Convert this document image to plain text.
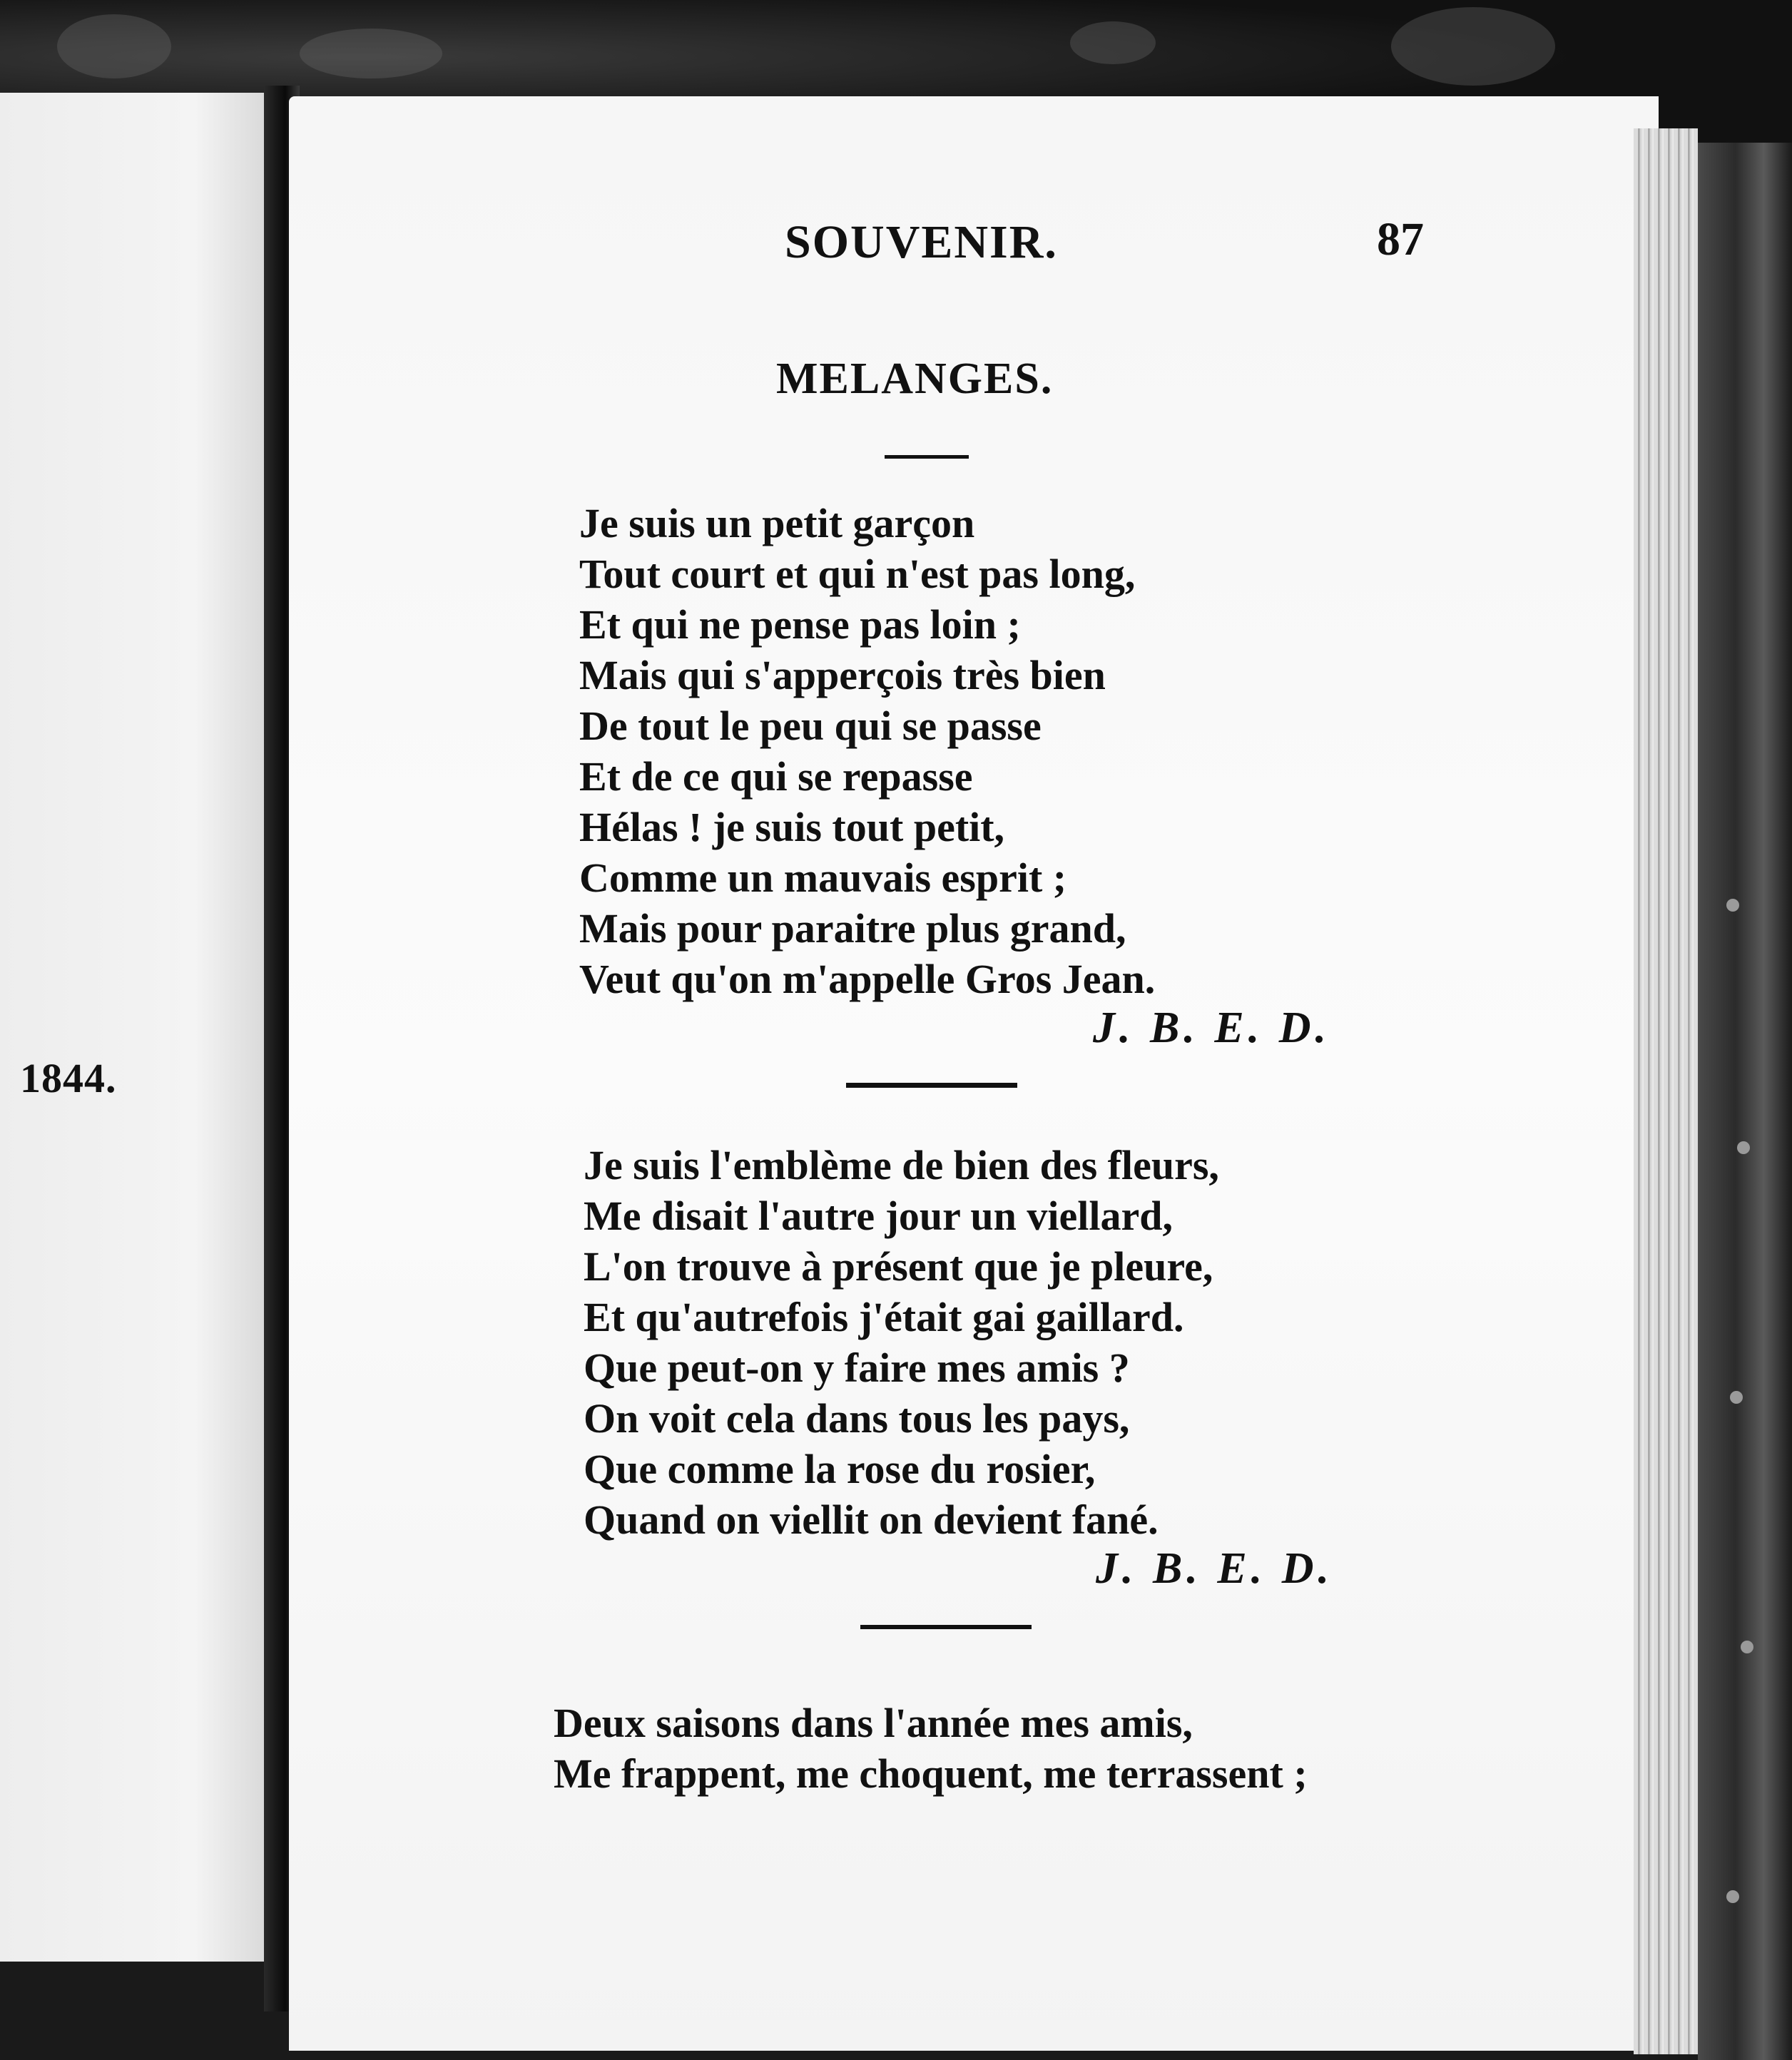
1844.
SOUVENIR.	87
MELANGES.
Je suis un petit garçon
Tout court et qui n'est pas long,
Et qui ne pense pas loin ;
Mais qui s'apperçois très bien
De tout le peu qui se passe
Et de ce qui se repasse
Hélas ! je suis tout petit,
Comme un mauvais esprit ;
Mais pour paraitre plus grand,
Veut qu'on m'appelle Gros Jean.
J. B. E. D.
Je suis l'emblème de bien des fleurs,
Me disait l'autre jour un viellard,
L'on trouve à présent que je pleure,
Et qu'autrefois j'était gai gaillard.
Que peut-on y faire mes amis ?
On voit cela dans tous les pays,
Que comme la rose du rosier,
Quand on viellit on devient fané.
J. B. E. D.
Deux saisons dans l'année mes amis,
Me frappent, me choquent, me terrassent ;
